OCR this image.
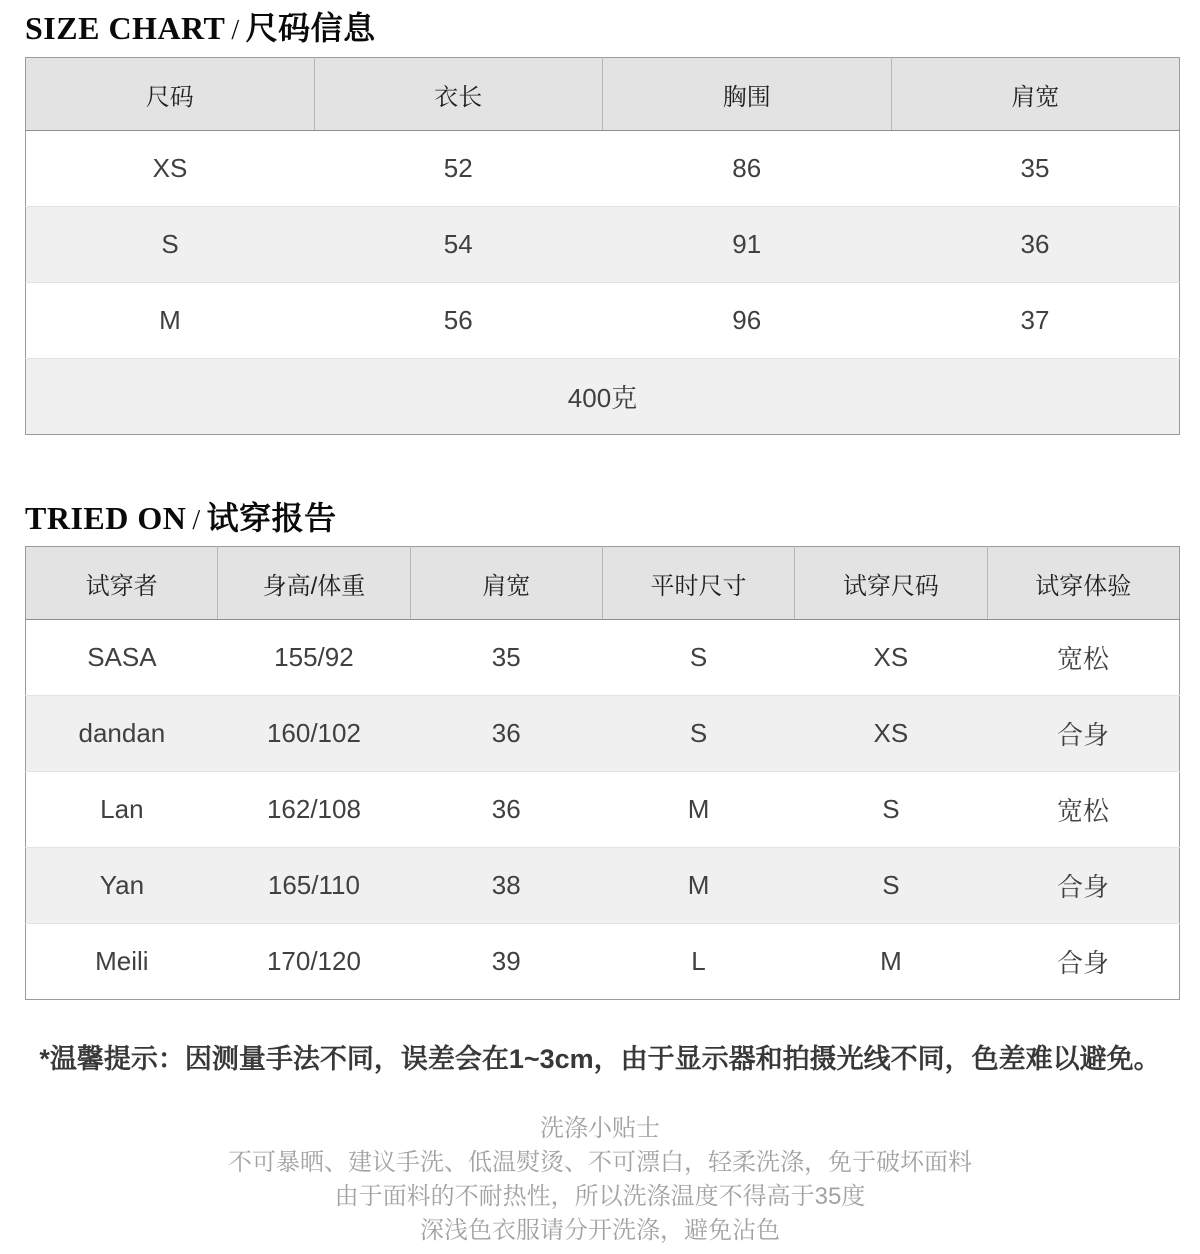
SIZE CHART / 尺码信息
尺码	衣长	胸围	肩宽
XS	52	86	35
S	54	91	36
M	56	96	37
400克			
TRIED ON / 试穿报告
试穿者	身高/体重	肩宽	平时尺寸	试穿尺码	试穿体验
SASA	155/92	35	S	XS	宽松
dandan	160/102	36	S	XS	合身
Lan	162/108	36	M	S	宽松
Yan	165/110	38	M	S	合身
Meili	170/120	39	L	M	合身
*温馨提示：因测量手法不同，误差会在1~3cm，由于显示器和拍摄光线不同，色差难以避免。
洗涤小贴士
不可暴晒、建议手洗、低温熨烫、不可漂白，轻柔洗涤，免于破坏面料
由于面料的不耐热性，所以洗涤温度不得高于35度
深浅色衣服请分开洗涤，避免沾色
